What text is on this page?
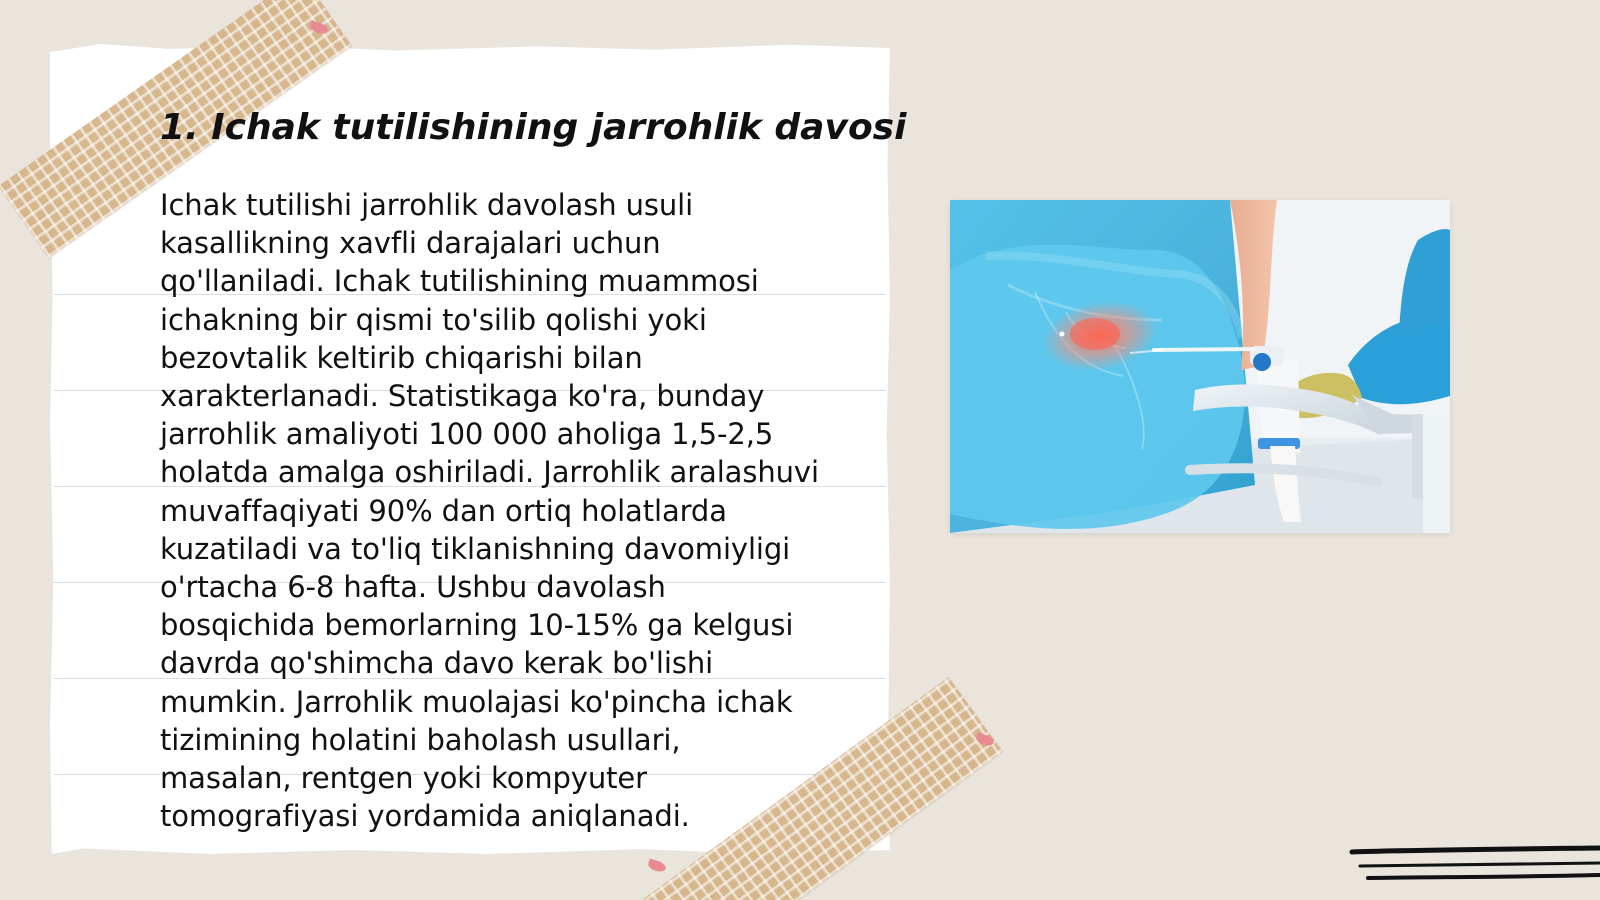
1. Ichak tutilishining jarrohlik davosi

Ichak tutilishi jarrohlik davolash usuli kasallikning xavfli darajalari uchun qo'llaniladi. Ichak tutilishining muammosi ichakning bir qismi to'silib qolishi yoki bezovtalik keltirib chiqarishi bilan xarakterlanadi. Statistikaga ko'ra, bunday jarrohlik amaliyoti 100 000 aholiga 1,5-2,5 holatda amalga oshiriladi. Jarrohlik aralashuvi muvaffaqiyati 90% dan ortiq holatlarda kuzatiladi va to'liq tiklanishning davomiyligi o'rtacha 6-8 hafta. Ushbu davolash bosqichida bemorlarning 10-15% ga kelgusi davrda qo'shimcha davo kerak bo'lishi mumkin. Jarrohlik muolajasi ko'pincha ichak tizimining holatini baholash usullari, masalan, rentgen yoki kompyuter tomografiyasi yordamida aniqlanadi.
